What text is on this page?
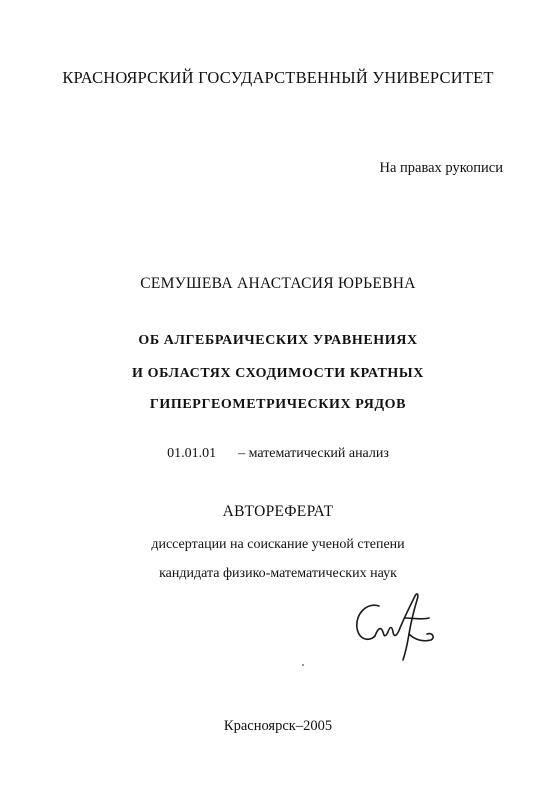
КРАСНОЯРСКИЙ ГОСУДАРСТВЕННЫЙ УНИВЕРСИТЕТ
На правах рукописи
СЕМУШЕВА АНАСТАСИЯ ЮРЬЕВНА
ОБ АЛГЕБРАИЧЕСКИХ УРАВНЕНИЯХ
И ОБЛАСТЯХ СХОДИМОСТИ КРАТНЫХ
ГИПЕРГЕОМЕТРИЧЕСКИХ РЯДОВ
01.01.01 – математический анализ
АВТОРЕФЕРАТ
диссертации на соискание ученой степени
кандидата физико-математических наук
Красноярск–2005
